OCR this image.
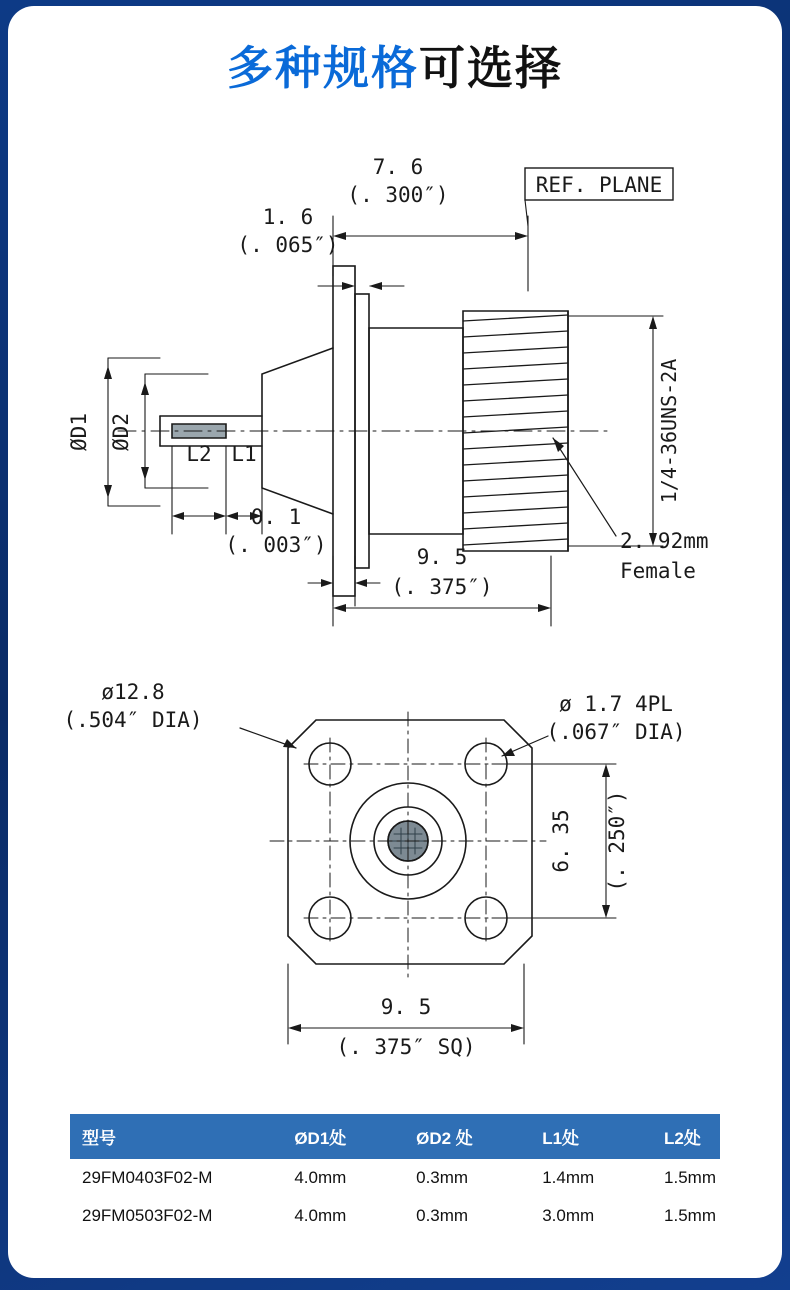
多种规格可选择
7. 6
(. 300″)
1. 6
(. 065″)
REF. PLANE
ØD1 ØD2
L2 L1
0. 1
(. 003″)	9. 5
(. 375″)
1/4-36UNS-2A
2. 92mm
Female
ø12.8
(.504″ DIA)
ø 1.7 4PL
(.067″ DIA)
6. 35 (. 250″)
9. 5
(. 375″ SQ)
型号	ØD1处	ØD2 处	L1处	L2处
29FM0403F02-M	4.0mm	0.3mm	1.4mm	1.5mm
29FM0503F02-M	4.0mm	0.3mm	3.0mm	1.5mm
